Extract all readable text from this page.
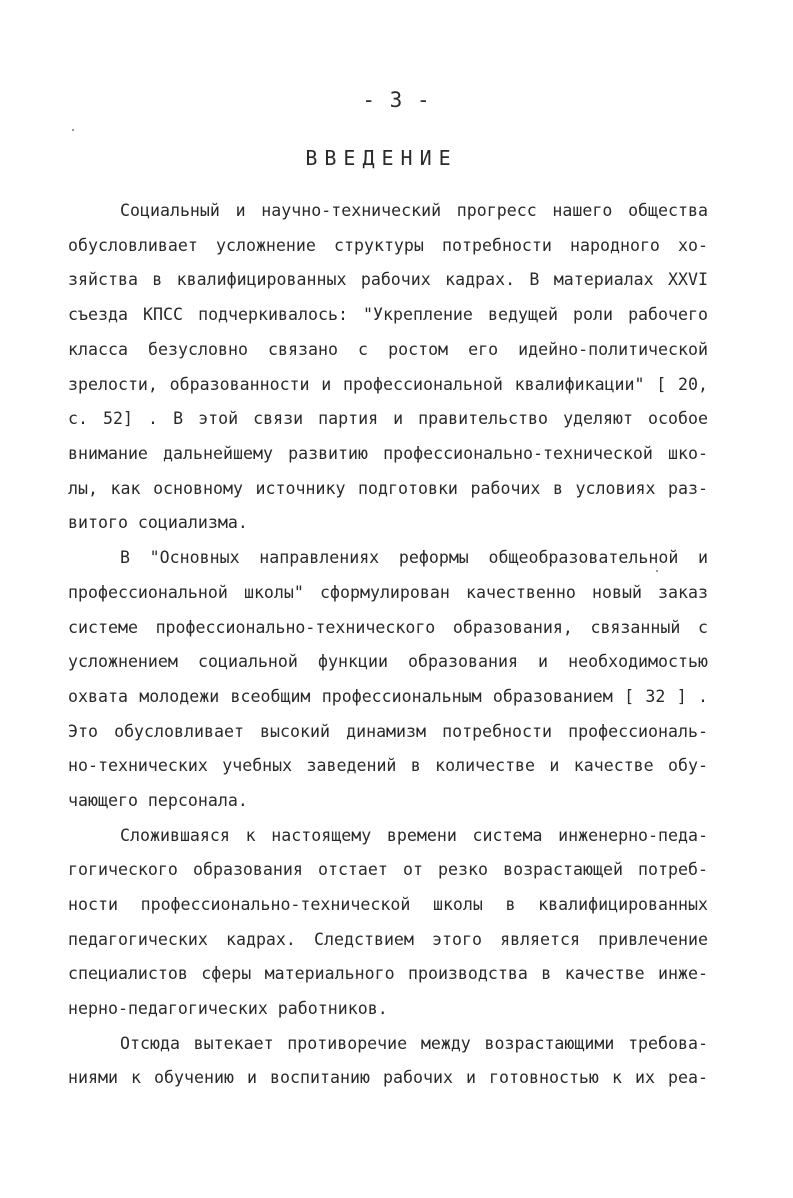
- 3 -
ВВЕДЕНИЕ
Социальный и научно-технический прогресс нашего общества
обусловливает усложнение структуры потребности народного хо-
зяйства в квалифицированных рабочих кадрах. В материалах XXVI
съезда КПСС подчеркивалось: "Укрепление ведущей роли рабочего
класса безусловно связано с ростом его идейно-политической
зрелости, образованности и профессиональной квалификации" [ 20,
с. 52] . В этой связи партия и правительство уделяют особое
внимание дальнейшему развитию профессионально-технической шко-
лы, как основному источнику подготовки рабочих в условиях раз-
витого социализма.
В "Основных направлениях реформы общеобразовательной и
профессиональной школы" сформулирован качественно новый заказ
системе профессионально-технического образования, связанный с
усложнением социальной функции образования и необходимостью
охвата молодежи всеобщим профессиональным образованием [ 32 ] .
Это обусловливает высокий динамизм потребности профессиональ-
но-технических учебных заведений в количестве и качестве обу-
чающего персонала.
Сложившаяся к настоящему времени система инженерно-педа-
гогического образования отстает от резко возрастающей потреб-
ности профессионально-технической школы в квалифицированных
педагогических кадрах. Следствием этого является привлечение
специалистов сферы материального производства в качестве инже-
нерно-педагогических работников.
Отсюда вытекает противоречие между возрастающими требова-
ниями к обучению и воспитанию рабочих и готовностью к их реа-
